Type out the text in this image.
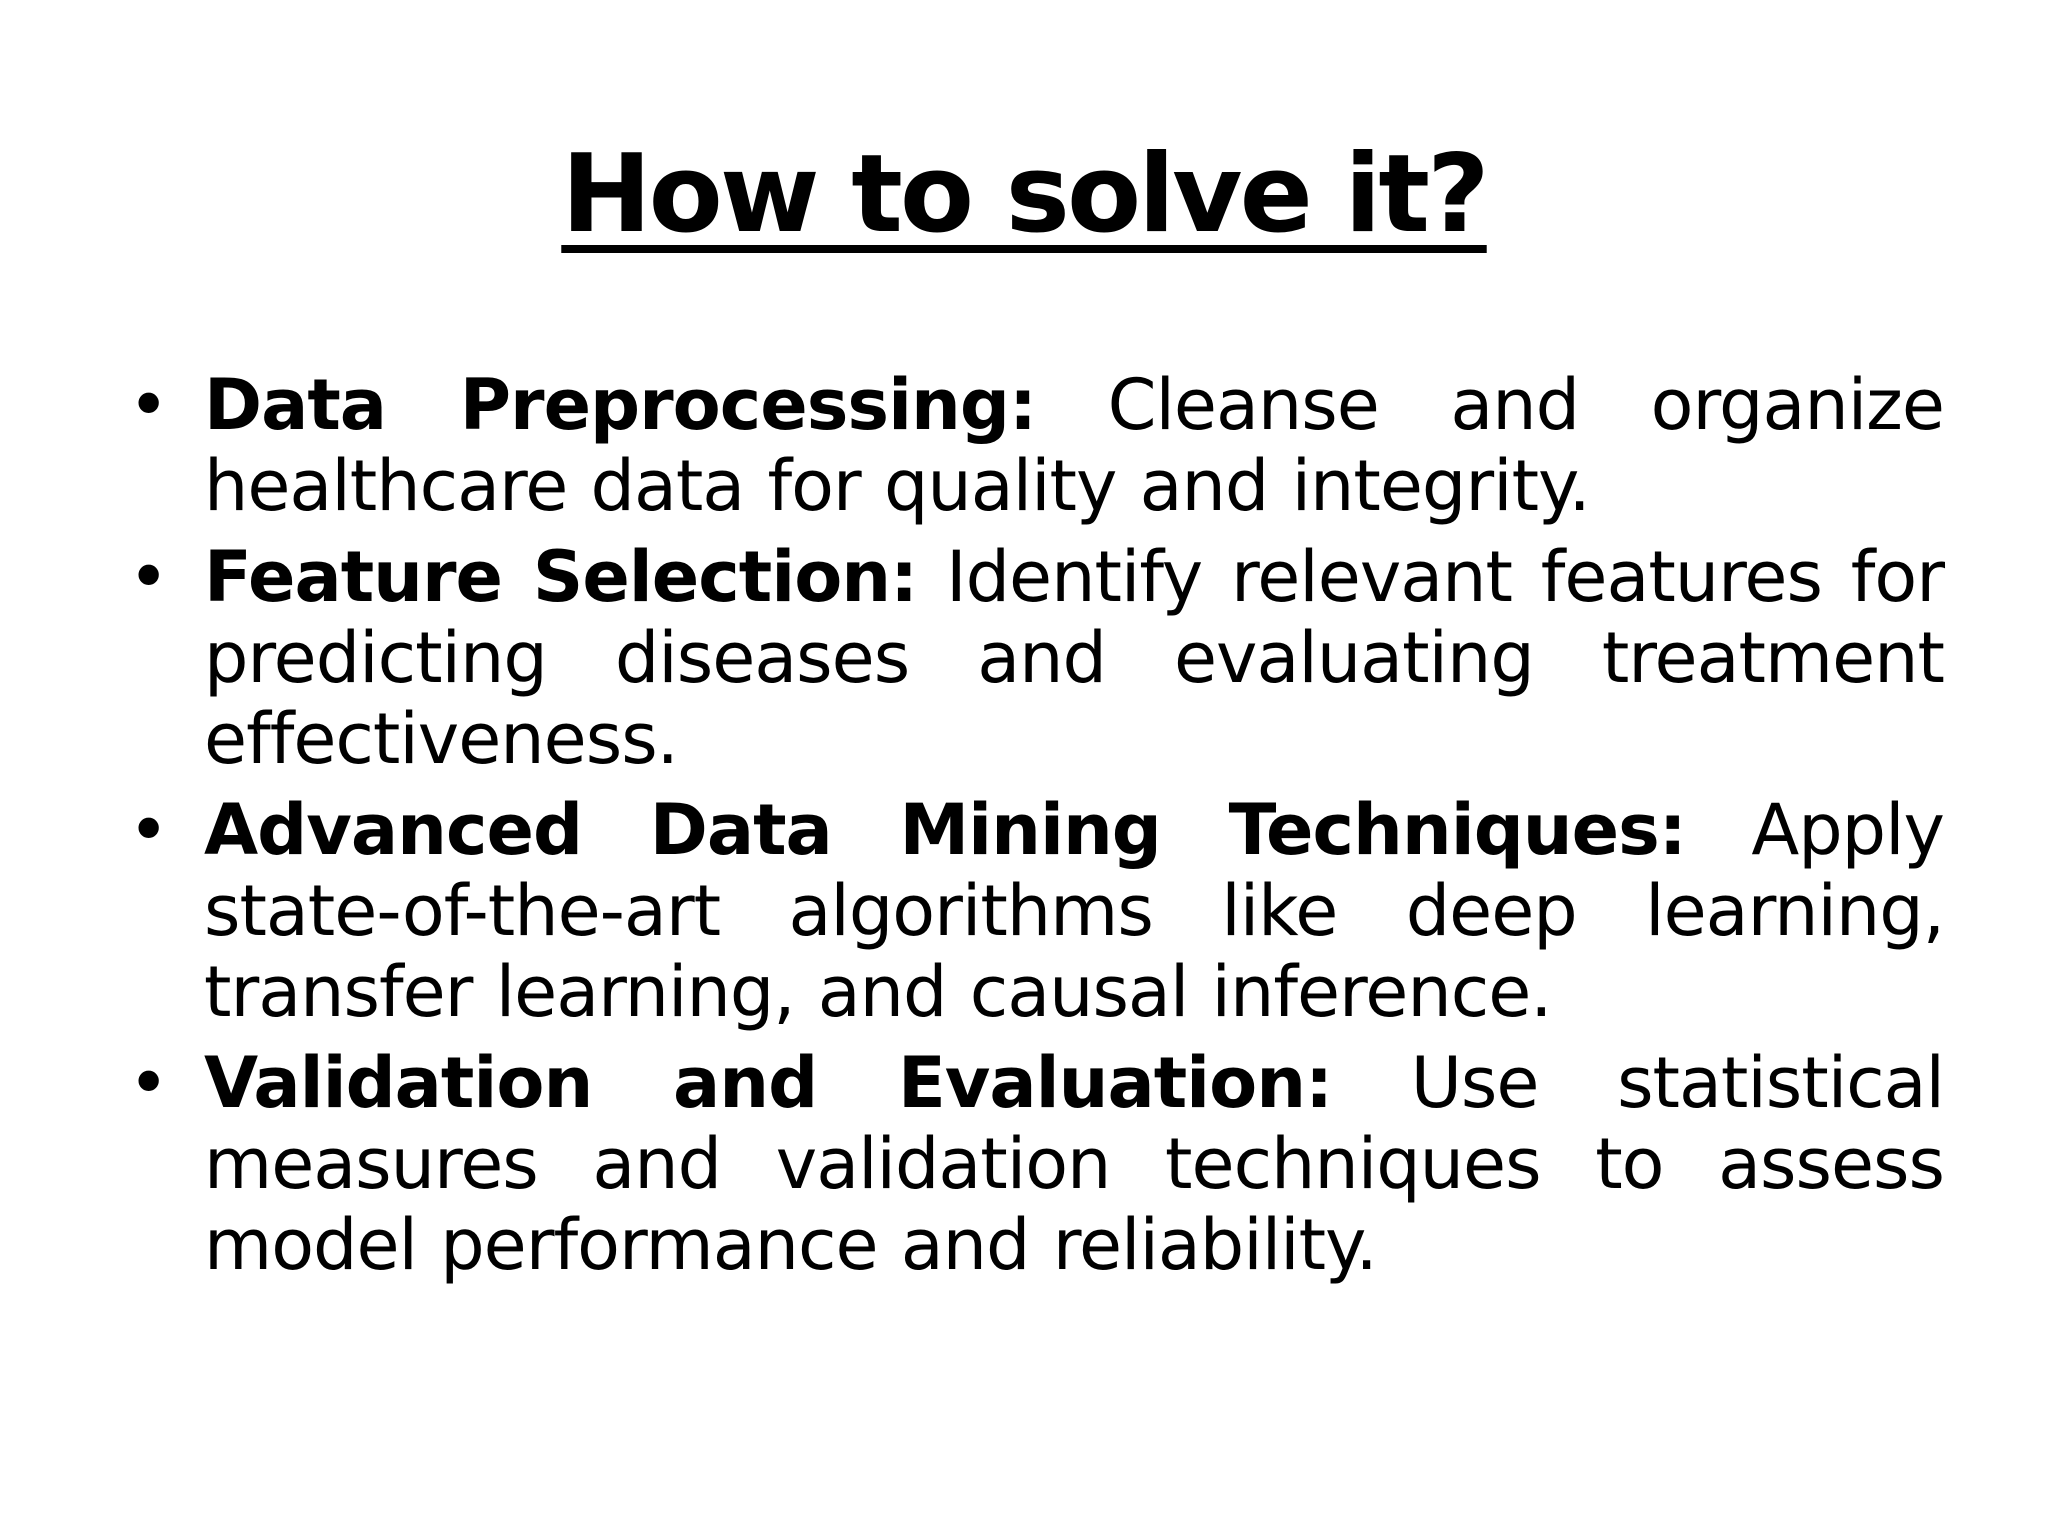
How to solve it?
• Data Preprocessing: Cleanse and organize healthcare data for quality and integrity.
• Feature Selection: Identify relevant features for predicting diseases and evaluating treatment effectiveness.
• Advanced Data Mining Techniques: Apply state-of-the-art algorithms like deep learning, transfer learning, and causal inference.
• Validation and Evaluation: Use statistical measures and validation techniques to assess model performance and reliability.
